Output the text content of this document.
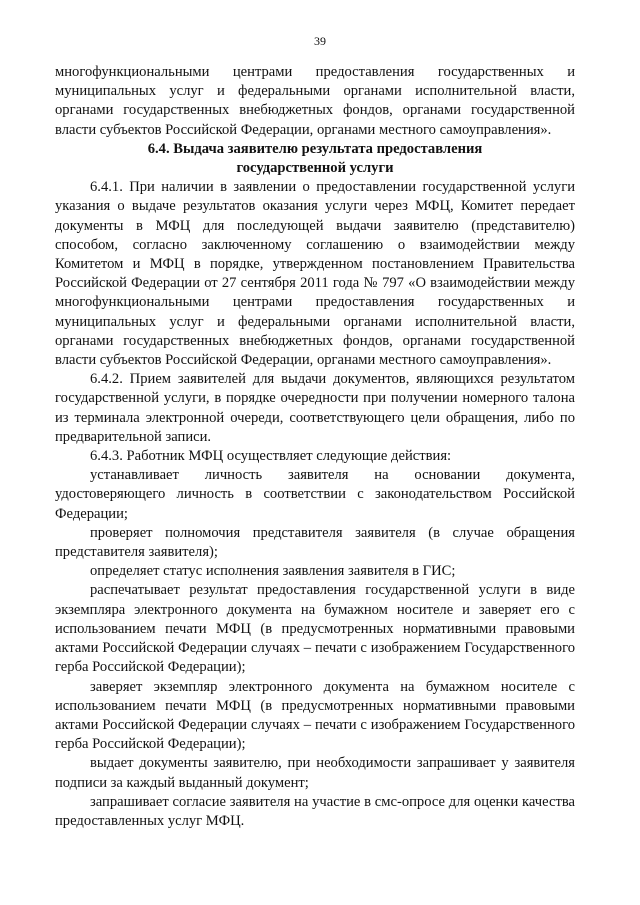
39

многофункциональными центрами предоставления государственных и муниципальных услуг и федеральными органами исполнительной власти, органами государственных внебюджетных фондов, органами государственной власти субъектов Российской Федерации, органами местного самоуправления».

6.4. Выдача заявителю результата предоставления государственной услуги

6.4.1. При наличии в заявлении о предоставлении государственной услуги указания о выдаче результатов оказания услуги через МФЦ, Комитет передает документы в МФЦ для последующей выдачи заявителю (представителю) способом, согласно заключенному соглашению о взаимодействии между Комитетом и МФЦ в порядке, утвержденном постановлением Правительства Российской Федерации от 27 сентября 2011 года № 797 «О взаимодействии между многофункциональными центрами предоставления государственных и муниципальных услуг и федеральными органами исполнительной власти, органами государственных внебюджетных фондов, органами государственной власти субъектов Российской Федерации, органами местного самоуправления».

6.4.2. Прием заявителей для выдачи документов, являющихся результатом государственной услуги, в порядке очередности при получении номерного талона из терминала электронной очереди, соответствующего цели обращения, либо по предварительной записи.

6.4.3. Работник МФЦ осуществляет следующие действия:

устанавливает личность заявителя на основании документа, удостоверяющего личность в соответствии с законодательством Российской Федерации;

проверяет полномочия представителя заявителя (в случае обращения представителя заявителя);

определяет статус исполнения заявления заявителя в ГИС;

распечатывает результат предоставления государственной услуги в виде экземпляра электронного документа на бумажном носителе и заверяет его с использованием печати МФЦ (в предусмотренных нормативными правовыми актами Российской Федерации случаях – печати с изображением Государственного герба Российской Федерации);

заверяет экземпляр электронного документа на бумажном носителе с использованием печати МФЦ (в предусмотренных нормативными правовыми актами Российской Федерации случаях – печати с изображением Государственного герба Российской Федерации);

выдает документы заявителю, при необходимости запрашивает у заявителя подписи за каждый выданный документ;

запрашивает согласие заявителя на участие в смс-опросе для оценки качества предоставленных услуг МФЦ.
